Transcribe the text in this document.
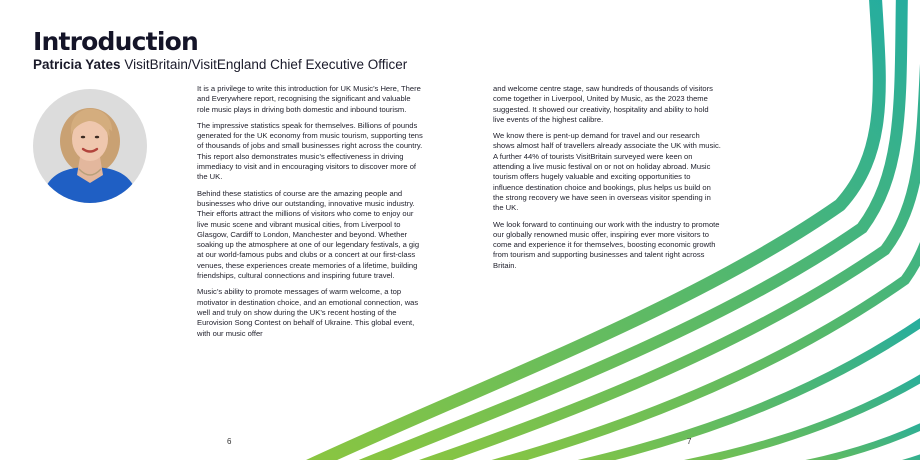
Introduction
Patricia Yates VisitBritain/VisitEngland Chief Executive Officer

It is a privilege to write this introduction for UK Music’s Here, There and Everywhere report, recognising the significant and valuable role music plays in driving both domestic and inbound tourism.

The impressive statistics speak for themselves. Billions of pounds generated for the UK economy from music tourism, supporting tens of thousands of jobs and small businesses right across the country. This report also demonstrates music’s effectiveness in driving immediacy to visit and in encouraging visitors to discover more of the UK.

Behind these statistics of course are the amazing people and businesses who drive our outstanding, innovative music industry. Their efforts attract the millions of visitors who come to enjoy our live music scene and vibrant musical cities, from Liverpool to Glasgow, Cardiff to London, Manchester and beyond. Whether soaking up the atmosphere at one of our legendary festivals, a gig at our world-famous pubs and clubs or a concert at our first-class venues, these experiences create memories of a lifetime, building friendships, cultural connections and inspiring future travel.

Music’s ability to promote messages of warm welcome, a top motivator in destination choice, and an emotional connection, was well and truly on show during the UK’s recent hosting of the Eurovision Song Contest on behalf of Ukraine. This global event, with our music offer

and welcome centre stage, saw hundreds of thousands of visitors come together in Liverpool, United by Music, as the 2023 theme suggested. It showed our creativity, hospitality and ability to hold live events of the highest calibre.

We know there is pent-up demand for travel and our research shows almost half of travellers already associate the UK with music. A further 44% of tourists VisitBritain surveyed were keen on attending a live music festival on or not on holiday abroad. Music tourism offers hugely valuable and exciting opportunities to influence destination choice and bookings, plus helps us build on the strong recovery we have seen in overseas visitor spending in the UK.

We look forward to continuing our work with the industry to promote our globally renowned music offer, inspiring ever more visitors to come and experience it for themselves, boosting economic growth from tourism and supporting businesses and talent right across Britain.

6	7
